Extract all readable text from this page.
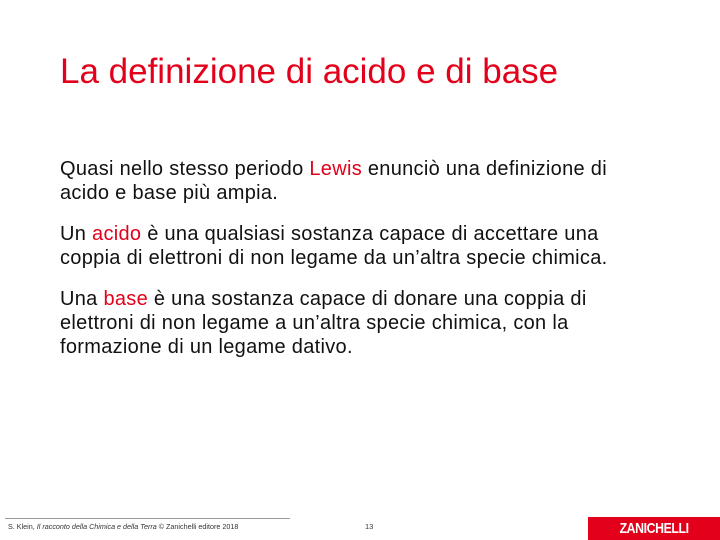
La definizione di acido e di base

Quasi nello stesso periodo Lewis enunciò una definizione di acido e base più ampia.

Un acido è una qualsiasi sostanza capace di accettare una coppia di elettroni di non legame da un’altra specie chimica.

Una base è una sostanza capace di donare una coppia di elettroni di non legame a un’altra specie chimica, con la formazione di un legame dativo.

S. Klein, Il racconto della Chimica e della Terra © Zanichelli editore 2018	13	ZANICHELLI
